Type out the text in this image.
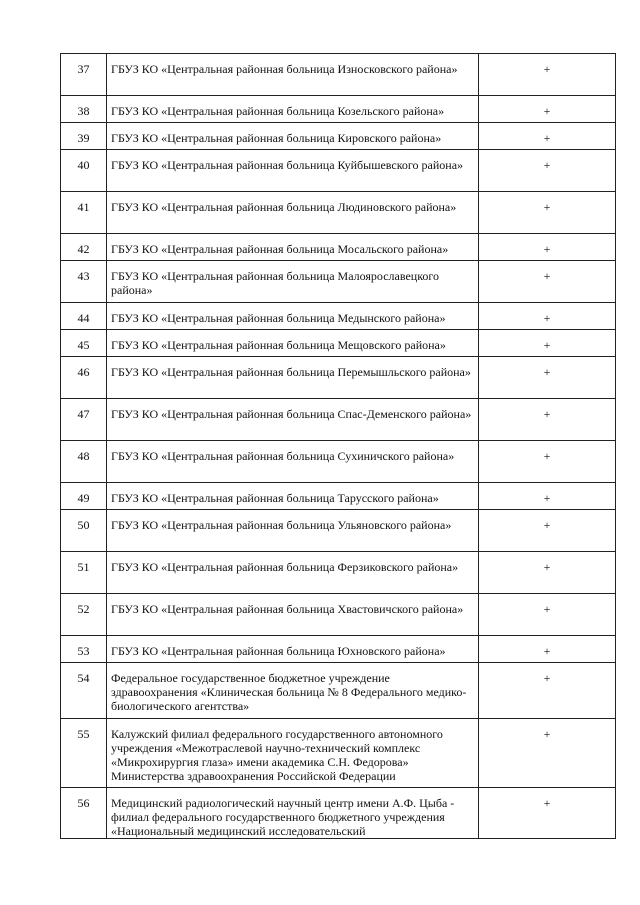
37	ГБУЗ КО «Центральная районная больница Износковского района»	+
38	ГБУЗ КО «Центральная районная больница Козельского района»	+
39	ГБУЗ КО «Центральная районная больница Кировского района»	+
40	ГБУЗ КО «Центральная районная больница Куйбышевского района»	+
41	ГБУЗ КО «Центральная районная больница Людиновского района»	+
42	ГБУЗ КО «Центральная районная больница Мосальского района»	+
43	ГБУЗ КО «Центральная районная больница Малоярославецкого района»	+
44	ГБУЗ КО «Центральная районная больница Медынского района»	+
45	ГБУЗ КО «Центральная районная больница Мещовского района»	+
46	ГБУЗ КО «Центральная районная больница Перемышльского района»	+
47	ГБУЗ КО «Центральная районная больница Спас-Деменского района»	+
48	ГБУЗ КО «Центральная районная больница Сухиничского района»	+
49	ГБУЗ КО «Центральная районная больница Тарусского района»	+
50	ГБУЗ КО «Центральная районная больница Ульяновского района»	+
51	ГБУЗ КО «Центральная районная больница Ферзиковского района»	+
52	ГБУЗ КО «Центральная районная больница Хвастовичского района»	+
53	ГБУЗ КО «Центральная районная больница Юхновского района»	+
54	Федеральное государственное бюджетное учреждение здравоохранения «Клиническая больница № 8 Федерального медико-биологического агентства»	+
55	Калужский филиал федерального государственного автономного учреждения «Межотраслевой научно-технический комплекс «Микрохирургия глаза» имени академика С.Н. Федорова» Министерства здравоохранения Российской Федерации	+
56	Медицинский радиологический научный центр имени А.Ф. Цыба - филиал федерального государственного бюджетного учреждения «Национальный медицинский исследовательский	+
